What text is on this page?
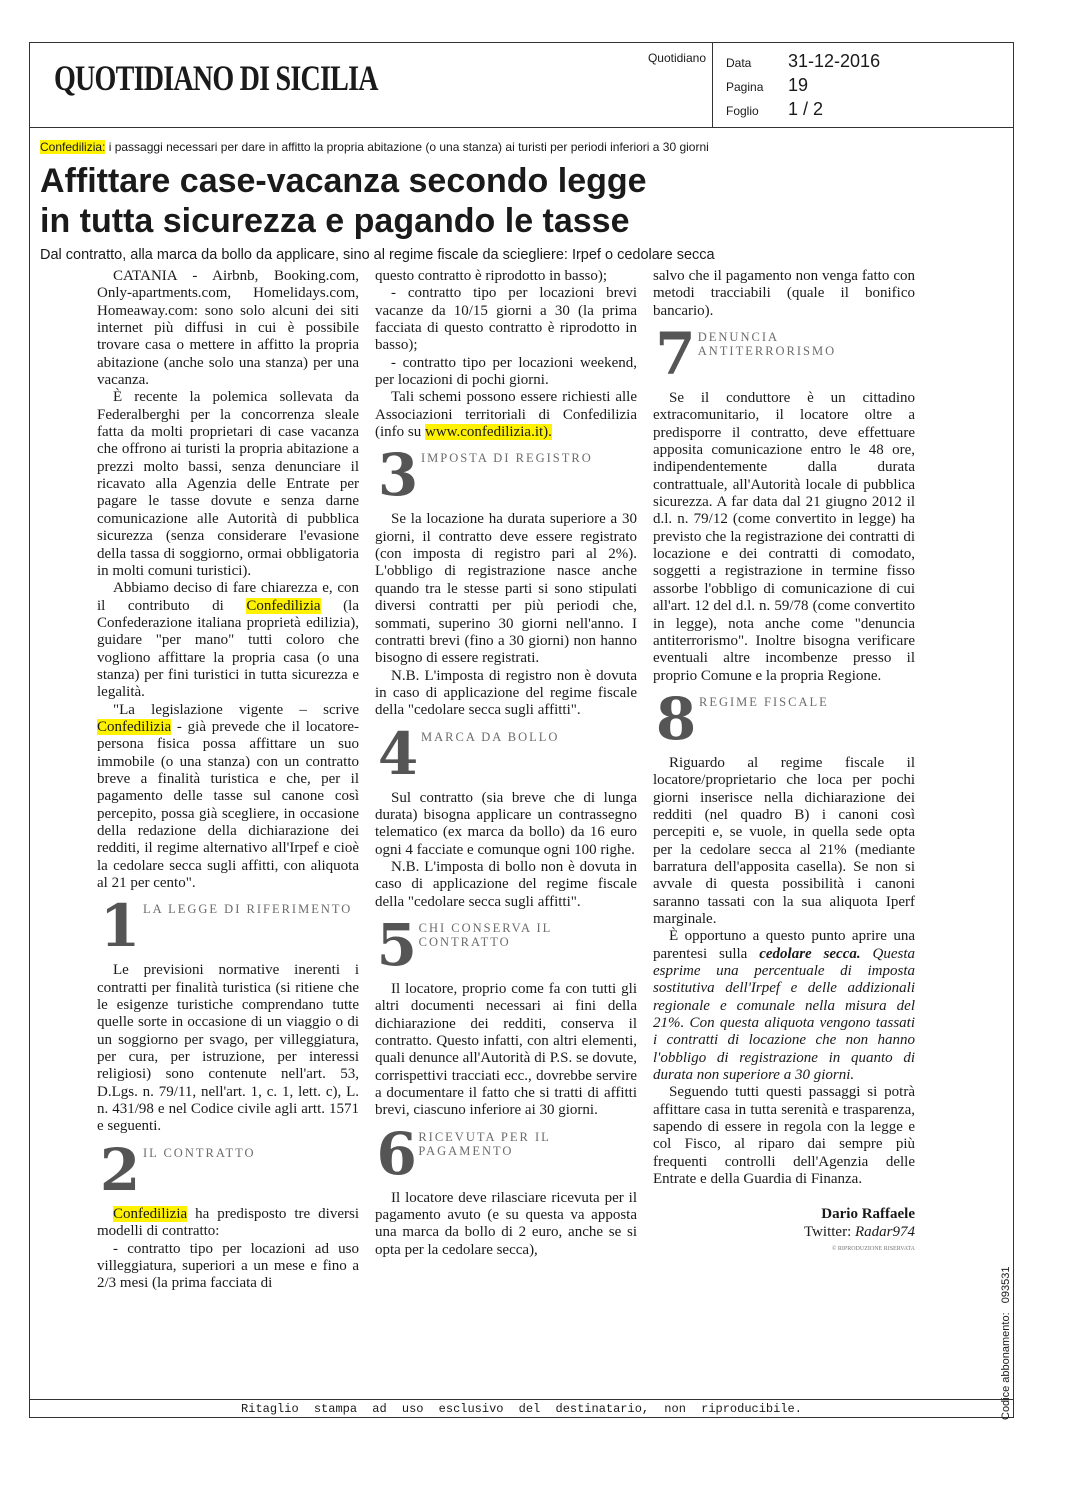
QUOTIDIANO DI SICILIA	Quotidiano Data 31-12-2016
Pagina 19
Foglio 1 / 2
Confedilizia: i passaggi necessari per dare in affitto la propria abitazione (o una stanza) ai turisti per periodi inferiori a 30 giorni
Affittare case-vacanza secondo legge
in tutta sicurezza e pagando le tasse
Dal contratto, alla marca da bollo da applicare, sino al regime fiscale da sciegliere: Irpef o cedolare secca

CATANIA - Airbnb, Booking.com, Only-apartments.com, Homelidays.com, Homeaway.com: sono solo alcuni dei siti internet più diffusi in cui è possibile trovare casa o mettere in affitto la propria abitazione (anche solo una stanza) per una vacanza.

È recente la polemica sollevata da Federalberghi per la concorrenza sleale fatta da molti proprietari di case vacanza che offrono ai turisti la propria abitazione a prezzi molto bassi, senza denunciare il ricavato alla Agenzia delle Entrate per pagare le tasse dovute e senza darne comunicazione alle Autorità di pubblica sicurezza (senza considerare l'evasione della tassa di soggiorno, ormai obbligatoria in molti comuni turistici).

Abbiamo deciso di fare chiarezza e, con il contributo di Confedilizia (la Confederazione italiana proprietà edilizia), guidare "per mano" tutti coloro che vogliono affittare la propria casa (o una stanza) per fini turistici in tutta sicurezza e legalità.

"La legislazione vigente – scrive Confedilizia - già prevede che il locatore-persona fisica possa affittare un suo immobile (o una stanza) con un contratto breve a finalità turistica e che, per il pagamento delle tasse sul canone così percepito, possa già scegliere, in occasione della redazione della dichiarazione dei redditi, il regime alternativo all'Irpef e cioè la cedolare secca sugli affitti, con aliquota al 21 per cento".

1 LA LEGGE DI RIFERIMENTO

Le previsioni normative inerenti i contratti per finalità turistica (si ritiene che le esigenze turistiche comprendano tutte quelle sorte in occasione di un viaggio o di un soggiorno per svago, per villeggiatura, per cura, per istruzione, per interessi religiosi) sono contenute nell'art. 53, D.Lgs. n. 79/11, nell'art. 1, c. 1, lett. c), L. n. 431/98 e nel Codice civile agli artt. 1571 e seguenti.

2 IL CONTRATTO

Confedilizia ha predisposto tre diversi modelli di contratto:

- contratto tipo per locazioni ad uso villeggiatura, superiori a un mese e fino a 2/3 mesi (la prima facciata di

questo contratto è riprodotto in basso);

- contratto tipo per locazioni brevi vacanze da 10/15 giorni a 30 (la prima facciata di questo contratto è riprodotto in basso);

- contratto tipo per locazioni weekend, per locazioni di pochi giorni.

Tali schemi possono essere richiesti alle Associazioni territoriali di Confedilizia (info su www.confedilizia.it).

3 IMPOSTA DI REGISTRO

Se la locazione ha durata superiore a 30 giorni, il contratto deve essere registrato (con imposta di registro pari al 2%). L'obbligo di registrazione nasce anche quando tra le stesse parti si sono stipulati diversi contratti per più periodi che, sommati, superino 30 giorni nell'anno. I contratti brevi (fino a 30 giorni) non hanno bisogno di essere registrati.

N.B. L'imposta di registro non è dovuta in caso di applicazione del regime fiscale della "cedolare secca sugli affitti".

4 MARCA DA BOLLO

Sul contratto (sia breve che di lunga durata) bisogna applicare un contrassegno telematico (ex marca da bollo) da 16 euro ogni 4 facciate e comunque ogni 100 righe.

N.B. L'imposta di bollo non è dovuta in caso di applicazione del regime fiscale della "cedolare secca sugli affitti".

5 CHI CONSERVA IL CONTRATTO

Il locatore, proprio come fa con tutti gli altri documenti necessari ai fini della dichiarazione dei redditi, conserva il contratto. Questo infatti, con altri elementi, quali denunce all'Autorità di P.S. se dovute, corrispettivi tracciati ecc., dovrebbe servire a documentare il fatto che si tratti di affitti brevi, ciascuno inferiore ai 30 giorni.

6 RICEVUTA PER IL PAGAMENTO

Il locatore deve rilasciare ricevuta per il pagamento avuto (e su questa va apposta una marca da bollo di 2 euro, anche se si opta per la cedolare secca),

salvo che il pagamento non venga fatto con metodi tracciabili (quale il bonifico bancario).

7 DENUNCIA ANTITERRORISMO

Se il conduttore è un cittadino extracomunitario, il locatore oltre a predisporre il contratto, deve effettuare apposita comunicazione entro le 48 ore, indipendentemente dalla durata contrattuale, all'Autorità locale di pubblica sicurezza. A far data dal 21 giugno 2012 il d.l. n. 79/12 (come convertito in legge) ha previsto che la registrazione dei contratti di locazione e dei contratti di comodato, soggetti a registrazione in termine fisso assorbe l'obbligo di comunicazione di cui all'art. 12 del d.l. n. 59/78 (come convertito in legge), nota anche come "denuncia antiterrorismo". Inoltre bisogna verificare eventuali altre incombenze presso il proprio Comune e la propria Regione.

8 REGIME FISCALE

Riguardo al regime fiscale il locatore/proprietario che loca per pochi giorni inserisce nella dichiarazione dei redditi (nel quadro B) i canoni così percepiti e, se vuole, in quella sede opta per la cedolare secca al 21% (mediante barratura dell'apposita casella). Se non si avvale di questa possibilità i canoni saranno tassati con la sua aliquota Iperf marginale.

È opportuno a questo punto aprire una parentesi sulla cedolare secca. Questa esprime una percentuale di imposta sostitutiva dell'Irpef e delle addizionali regionale e comunale nella misura del 21%. Con questa aliquota vengono tassati i contratti di locazione che non hanno l'obbligo di registrazione in quanto di durata non superiore a 30 giorni.

Seguendo tutti questi passaggi si potrà affittare casa in tutta serenità e trasparenza, sapendo di essere in regola con la legge e col Fisco, al riparo dai sempre più frequenti controlli dell'Agenzia delle Entrate e della Guardia di Finanza.

Dario Raffaele
Twitter: Radar974
© RIPRODUZIONE RISERVATA
Ritaglio stampa ad uso esclusivo del destinatario, non riproducibile.	Codice abbonamento:   093531
